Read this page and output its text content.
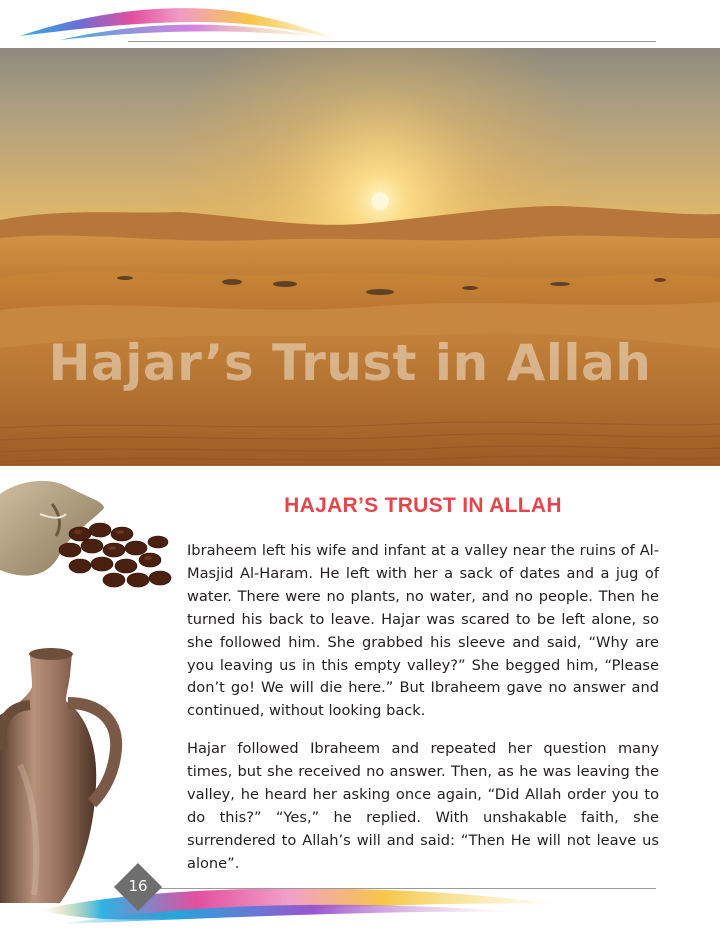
Hajar’s Trust in Allah
HAJAR’S TRUST IN ALLAH

Ibraheem left his wife and infant at a valley near the ruins of Al-Masjid Al-Haram. He left with her a sack of dates and a jug of water. There were no plants, no water, and no people. Then he turned his back to leave. Hajar was scared to be left alone, so she followed him. She grabbed his sleeve and said, “Why are you leaving us in this empty valley?” She begged him, “Please don’t go! We will die here.” But Ibraheem gave no answer and continued, without looking back.

Hajar followed Ibraheem and repeated her question many times, but she received no answer. Then, as he was leaving the valley, he heard her asking once again, “Did Allah order you to do this?” “Yes,” he replied. With unshakable faith, she surrendered to Allah’s will and said: “Then He will not leave us alone”.

16
